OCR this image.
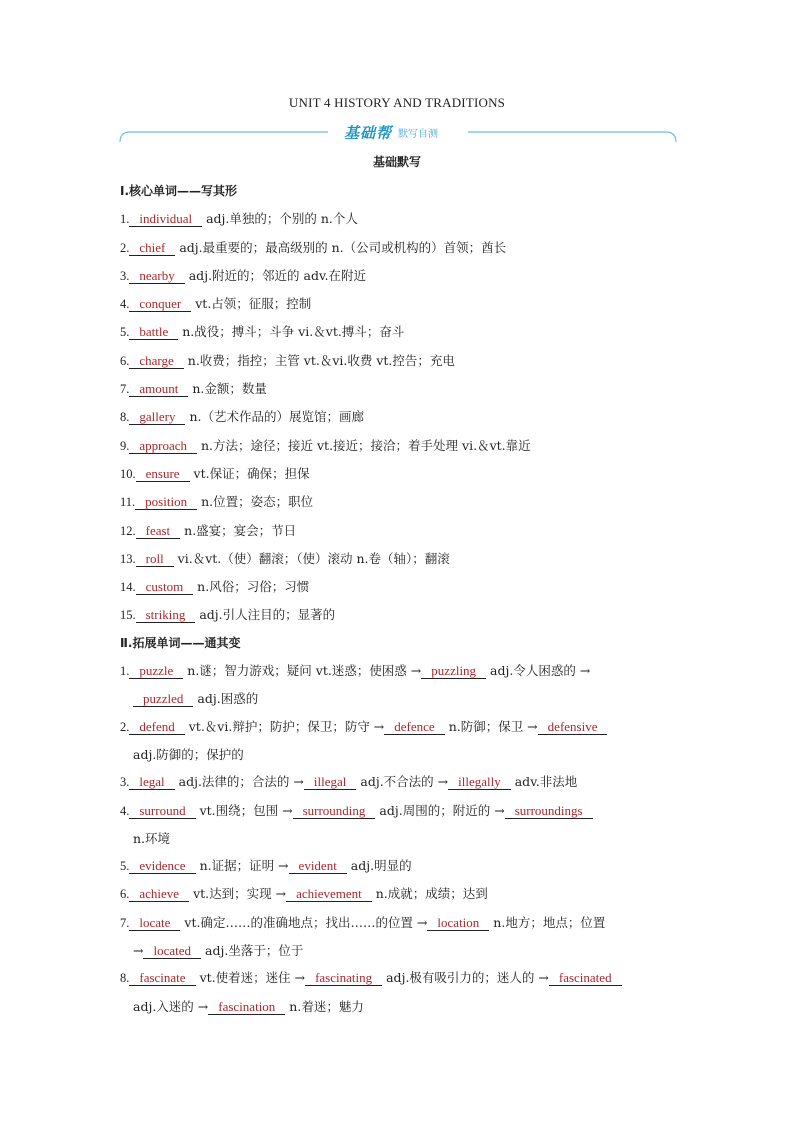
UNIT 4 HISTORY AND TRADITIONS
基础帮 默写自测
基础默写
Ⅰ.核心单词——写其形
1. individual adj.单独的；个别的 n.个人
2. chief adj.最重要的；最高级别的 n.（公司或机构的）首领；酋长
3. nearby adj.附近的；邻近的 adv.在附近
4. conquer vt.占领；征服；控制
5. battle n.战役；搏斗；斗争 vi.＆vt.搏斗；奋斗
6. charge n.收费；指控；主管 vt.＆vi.收费 vt.控告；充电
7. amount n.金额；数量
8. gallery n.（艺术作品的）展览馆；画廊
9. approach n.方法；途径；接近 vt.接近；接洽；着手处理 vi.＆vt.靠近
10. ensure vt.保证；确保；担保
11. position n.位置；姿态；职位
12. feast n.盛宴；宴会；节日
13. roll vi.＆vt.（使）翻滚；（使）滚动 n.卷（轴）；翻滚
14. custom n.风俗；习俗；习惯
15. striking adj.引人注目的；显著的
Ⅱ.拓展单词——通其变
1. puzzle n.谜；智力游戏；疑问 vt.迷惑；使困惑 → puzzling adj.令人困惑的 →
puzzled adj.困惑的
2. defend vt.＆vi.辩护；防护；保卫；防守 → defence n.防御；保卫 → defensive
adj.防御的；保护的
3. legal adj.法律的；合法的 → illegal adj.不合法的 → illegally adv.非法地
4. surround vt.围绕；包围 → surrounding adj.周围的；附近的 → surroundings
n.环境
5. evidence n.证据；证明 → evident adj.明显的
6. achieve vt.达到；实现 → achievement n.成就；成绩；达到
7. locate vt.确定……的准确地点；找出……的位置 → location n.地方；地点；位置
→ located adj.坐落于；位于
8. fascinate vt.使着迷；迷住 → fascinating adj.极有吸引力的；迷人的 → fascinated
adj.入迷的 → fascination n.着迷；魅力
